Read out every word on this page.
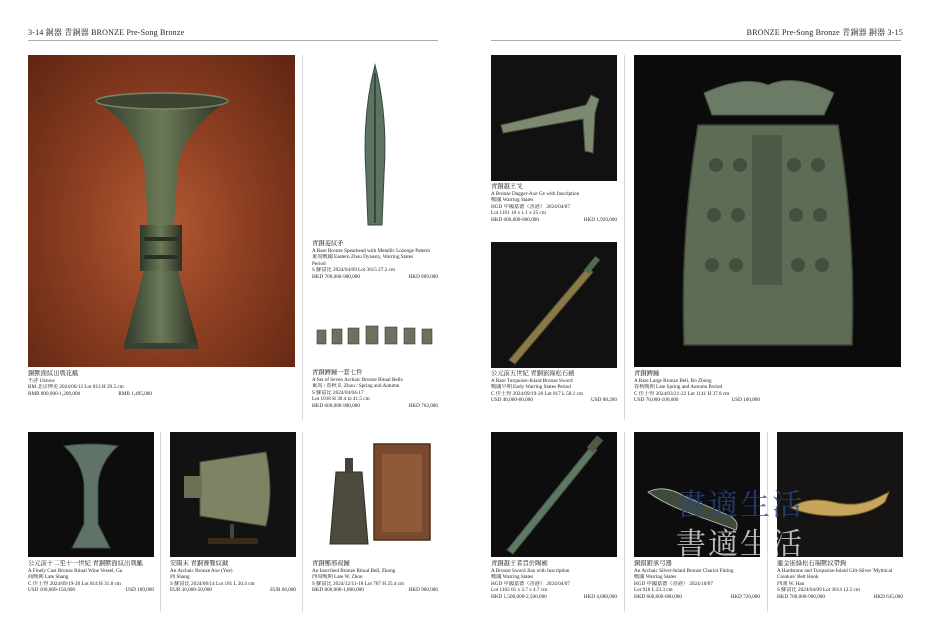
3-14 銅器 青銅器 BRONZE Pre-Song Bronze	BRONZE Pre-Song Bronze 青銅器 銅器 3-15
銅獸面紋出戟花觚
不詳 Uknow
BM 北京博美 2024/06/12 Lot 813 H 29.5 cm
RMB 800,000-1,200,000	RMB 1,495,000
青銅菱紋矛
A Rare Bronze Spearhead with Metallic Lozenge Pattern
東周戰國 Eastern Zhou Dynasty, Warring States
Period
S 蘇富比 2024/04/09 Lot 3615 27.2 cm
HKD 700,000-900,000	HKD 889,000
青銅鎛鐘一套七件
A Set of Seven Archaic Bronze Ritual Bells
東周 / 春秋 E. Zhou / Spring and Autumn
S 蘇富比 2024/04/04-17
Lot 1018 H 30.4 to 41.5 cm
HKD 600,000-900,000	HKD 762,000
青銅越王戈
A Bronze Dagger-Axe Ge with Inscription
戰國 Warring States
HGD 中國嘉德（香港） 2024/04/07
Lot 1101 10 x 1.1 x 25 cm
HKD 600,000-800,000	HKD 1,920,000
青銅鎛鐘
A Rare Large Bronze Bell, Bo Zhong
春秋晚期 Late Spring and Autumn Period
C 佳士得 2024/03/21-22 Lot 1141 H 37.8 cm
USD 70,000-100,000	USD 100,800
公元前五世紀 青銅嵌綠松石劍
A Rare Turquoise-Inlaid Bronze Sword
戰國早期 Early Warring States Period
C 佳士得 2024/09/19-20 Lot 817 L 58.1 cm
USD 40,000-60,000	USD 88,200
公元前十二至十一世紀 青銅獸面紋出戟觚
A Finely Cast Bronze Ritual Wine Vessel, Gu
商晚期 Late Shang
C 佳士得 2024/09/19-20 Lot 814 H 31.8 cm
USD 100,000-150,000	USD 189,000
安陽末 青銅饕餮紋鉞
An Archaic Bronze Axe (Yue)
商 Shang
S 蘇富比 2024/06/14 Lot 181 L 20.4 cm
EUR 30,000-50,000	EUR 66,000
青銅鄦邢叔鐘
An Inscribed Bronze Ritual Bell, Zhong
西周晚期 Late W. Zhou
S 蘇富比 2024/12/11-18 Lot 707 H 25.4 cm
HKD 800,000-1,800,000	HKD 960,000
青銅越王者旨於睗劍
A Bronze Sword Jian with Inscription
戰國 Warring States
HGD 中國嘉德（香港） 2024/04/07
Lot 1102 61 x 3.7 x 4.7 cm
HKD 1,500,000-2,500,000	HKD 4,680,000
銅錯銀承弓器
An Archaic Silver-Inlaid Bronze Chariot Fitting
戰國 Warring States
HGD 中國嘉德（香港） 2024/10/07
Lot 918 L 23.3 cm
HKD 600,000-800,000	HKD 720,000
鎏金嵌綠松石瑞獸紋帶鉤
A Hardstone and Turquoise-Inlaid Gilt-Silver 'Mythical
Creature' Belt Hook
西漢 W. Han
S 蘇富比 2024/04/09 Lot 3614 12.5 cm
HKD 700,000-900,000	HKD 635,000
書適生活
書適生活
